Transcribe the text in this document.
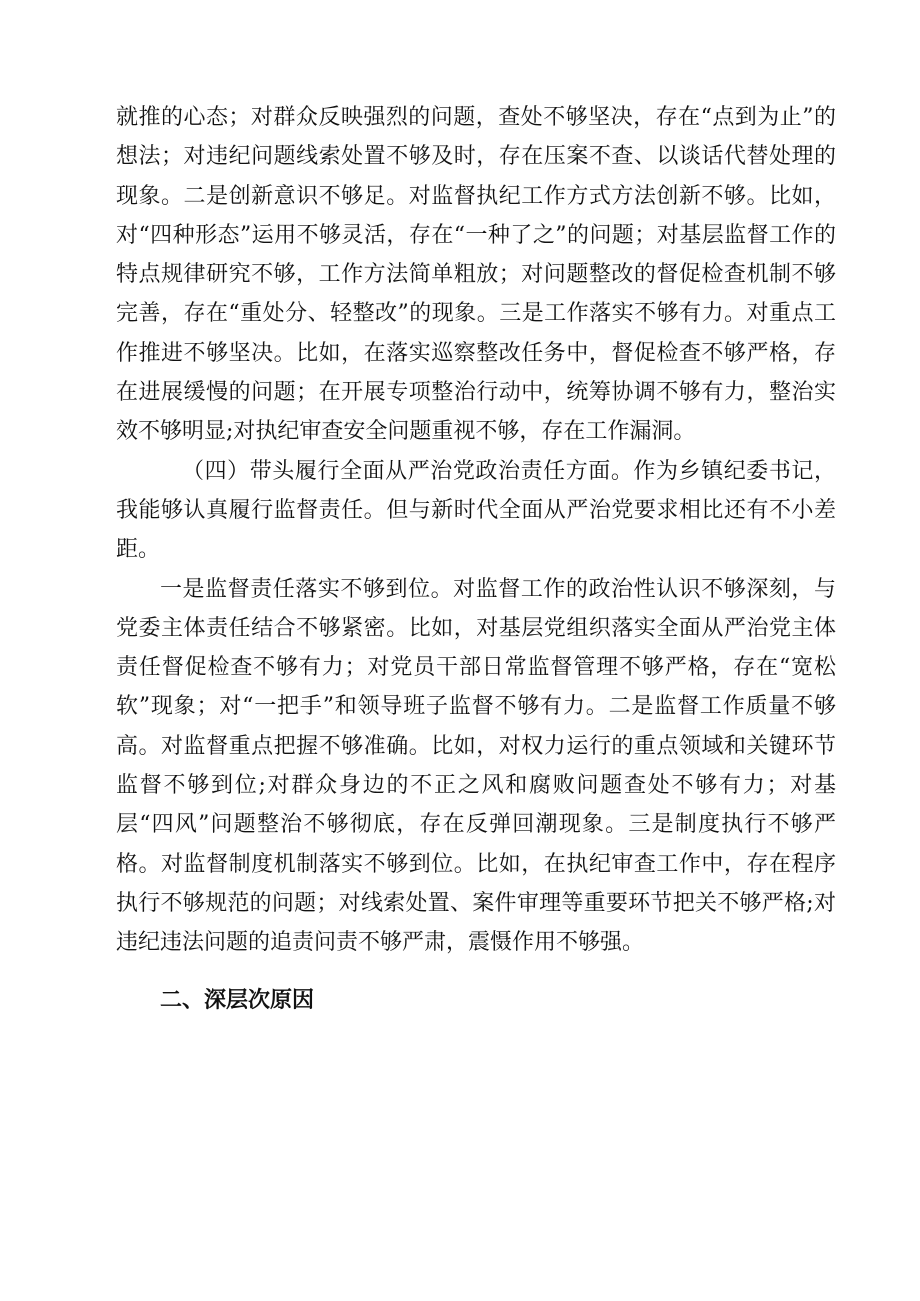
就推的心态；对群众反映强烈的问题，查处不够坚决，存在“点到为止”的想法；对违纪问题线索处置不够及时，存在压案不查、以谈话代替处理的现象。二是创新意识不够足。对监督执纪工作方式方法创新不够。比如，对“四种形态”运用不够灵活，存在“一种了之”的问题；对基层监督工作的特点规律研究不够，工作方法简单粗放；对问题整改的督促检查机制不够完善，存在“重处分、轻整改”的现象。三是工作落实不够有力。对重点工作推进不够坚决。比如，在落实巡察整改任务中，督促检查不够严格，存在进展缓慢的问题；在开展专项整治行动中，统筹协调不够有力，整治实效不够明显;对执纪审查安全问题重视不够，存在工作漏洞。

（四）带头履行全面从严治党政治责任方面。作为乡镇纪委书记，我能够认真履行监督责任。但与新时代全面从严治党要求相比还有不小差距。

一是监督责任落实不够到位。对监督工作的政治性认识不够深刻，与党委主体责任结合不够紧密。比如，对基层党组织落实全面从严治党主体责任督促检查不够有力；对党员干部日常监督管理不够严格，存在“宽松软”现象；对“一把手”和领导班子监督不够有力。二是监督工作质量不够高。对监督重点把握不够准确。比如，对权力运行的重点领域和关键环节监督不够到位;对群众身边的不正之风和腐败问题查处不够有力；对基层“四风”问题整治不够彻底，存在反弹回潮现象。三是制度执行不够严格。对监督制度机制落实不够到位。比如，在执纪审查工作中，存在程序执行不够规范的问题；对线索处置、案件审理等重要环节把关不够严格;对违纪违法问题的追责问责不够严肃，震慑作用不够强。

二、深层次原因
